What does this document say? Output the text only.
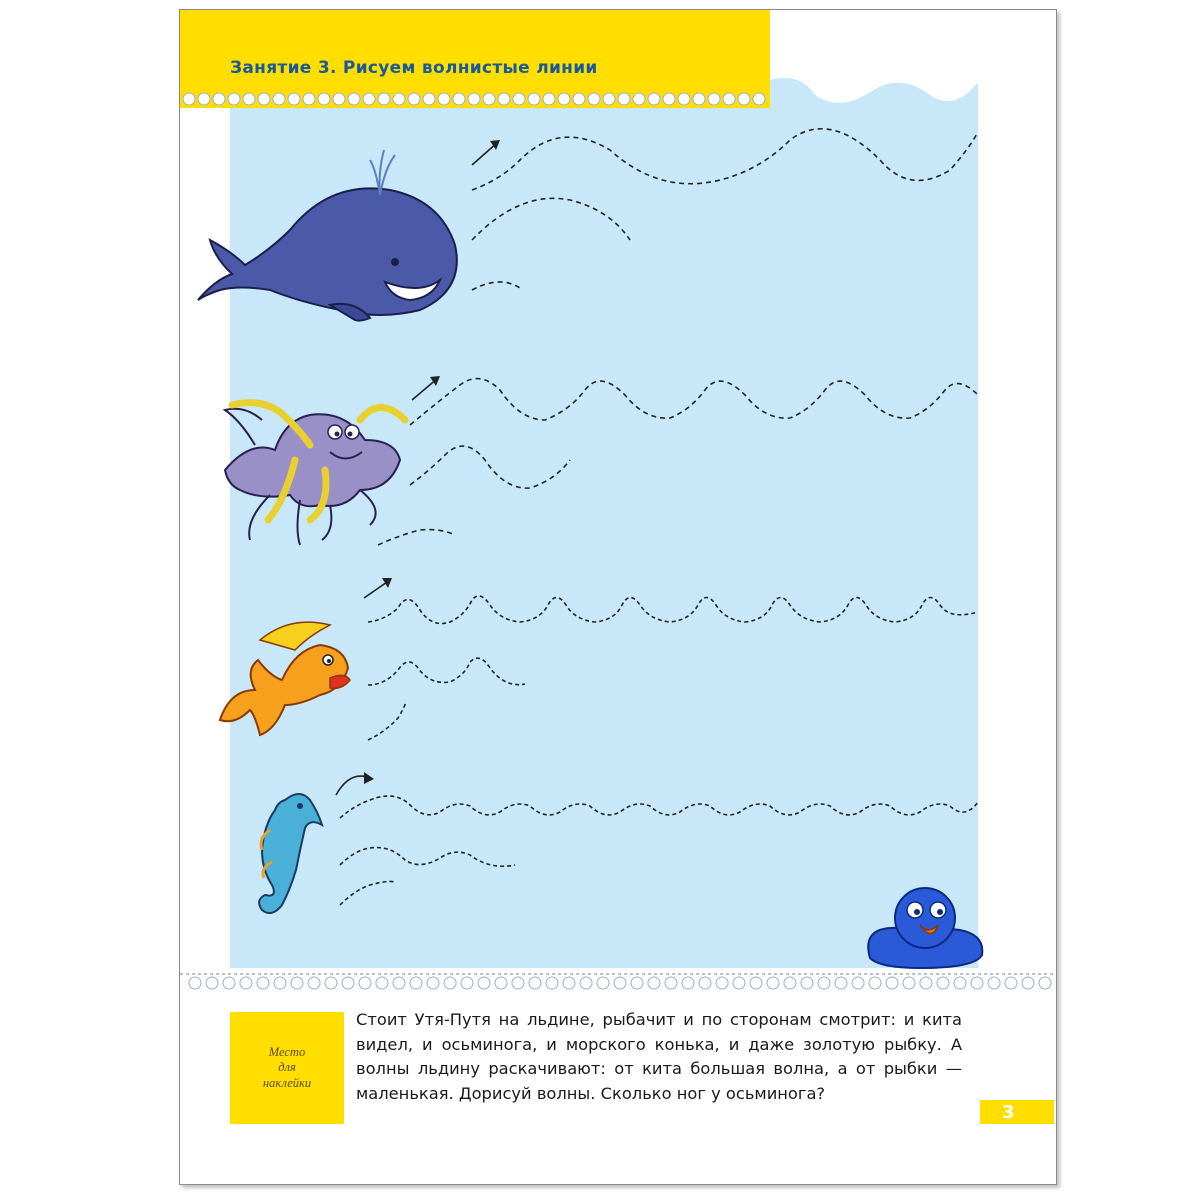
Занятие 3. Рисуем волнистые линии
Место
для
наклейки
Стоит Утя-Путя на льдине, рыбачит и по сторонам смотрит: и кита видел, и осьминога, и морского конька, и даже золотую рыбку. А волны льдину раскачивают: от кита большая волна, а от рыбки — маленькая. Дорисуй волны. Сколько ног у осьминога?
3
